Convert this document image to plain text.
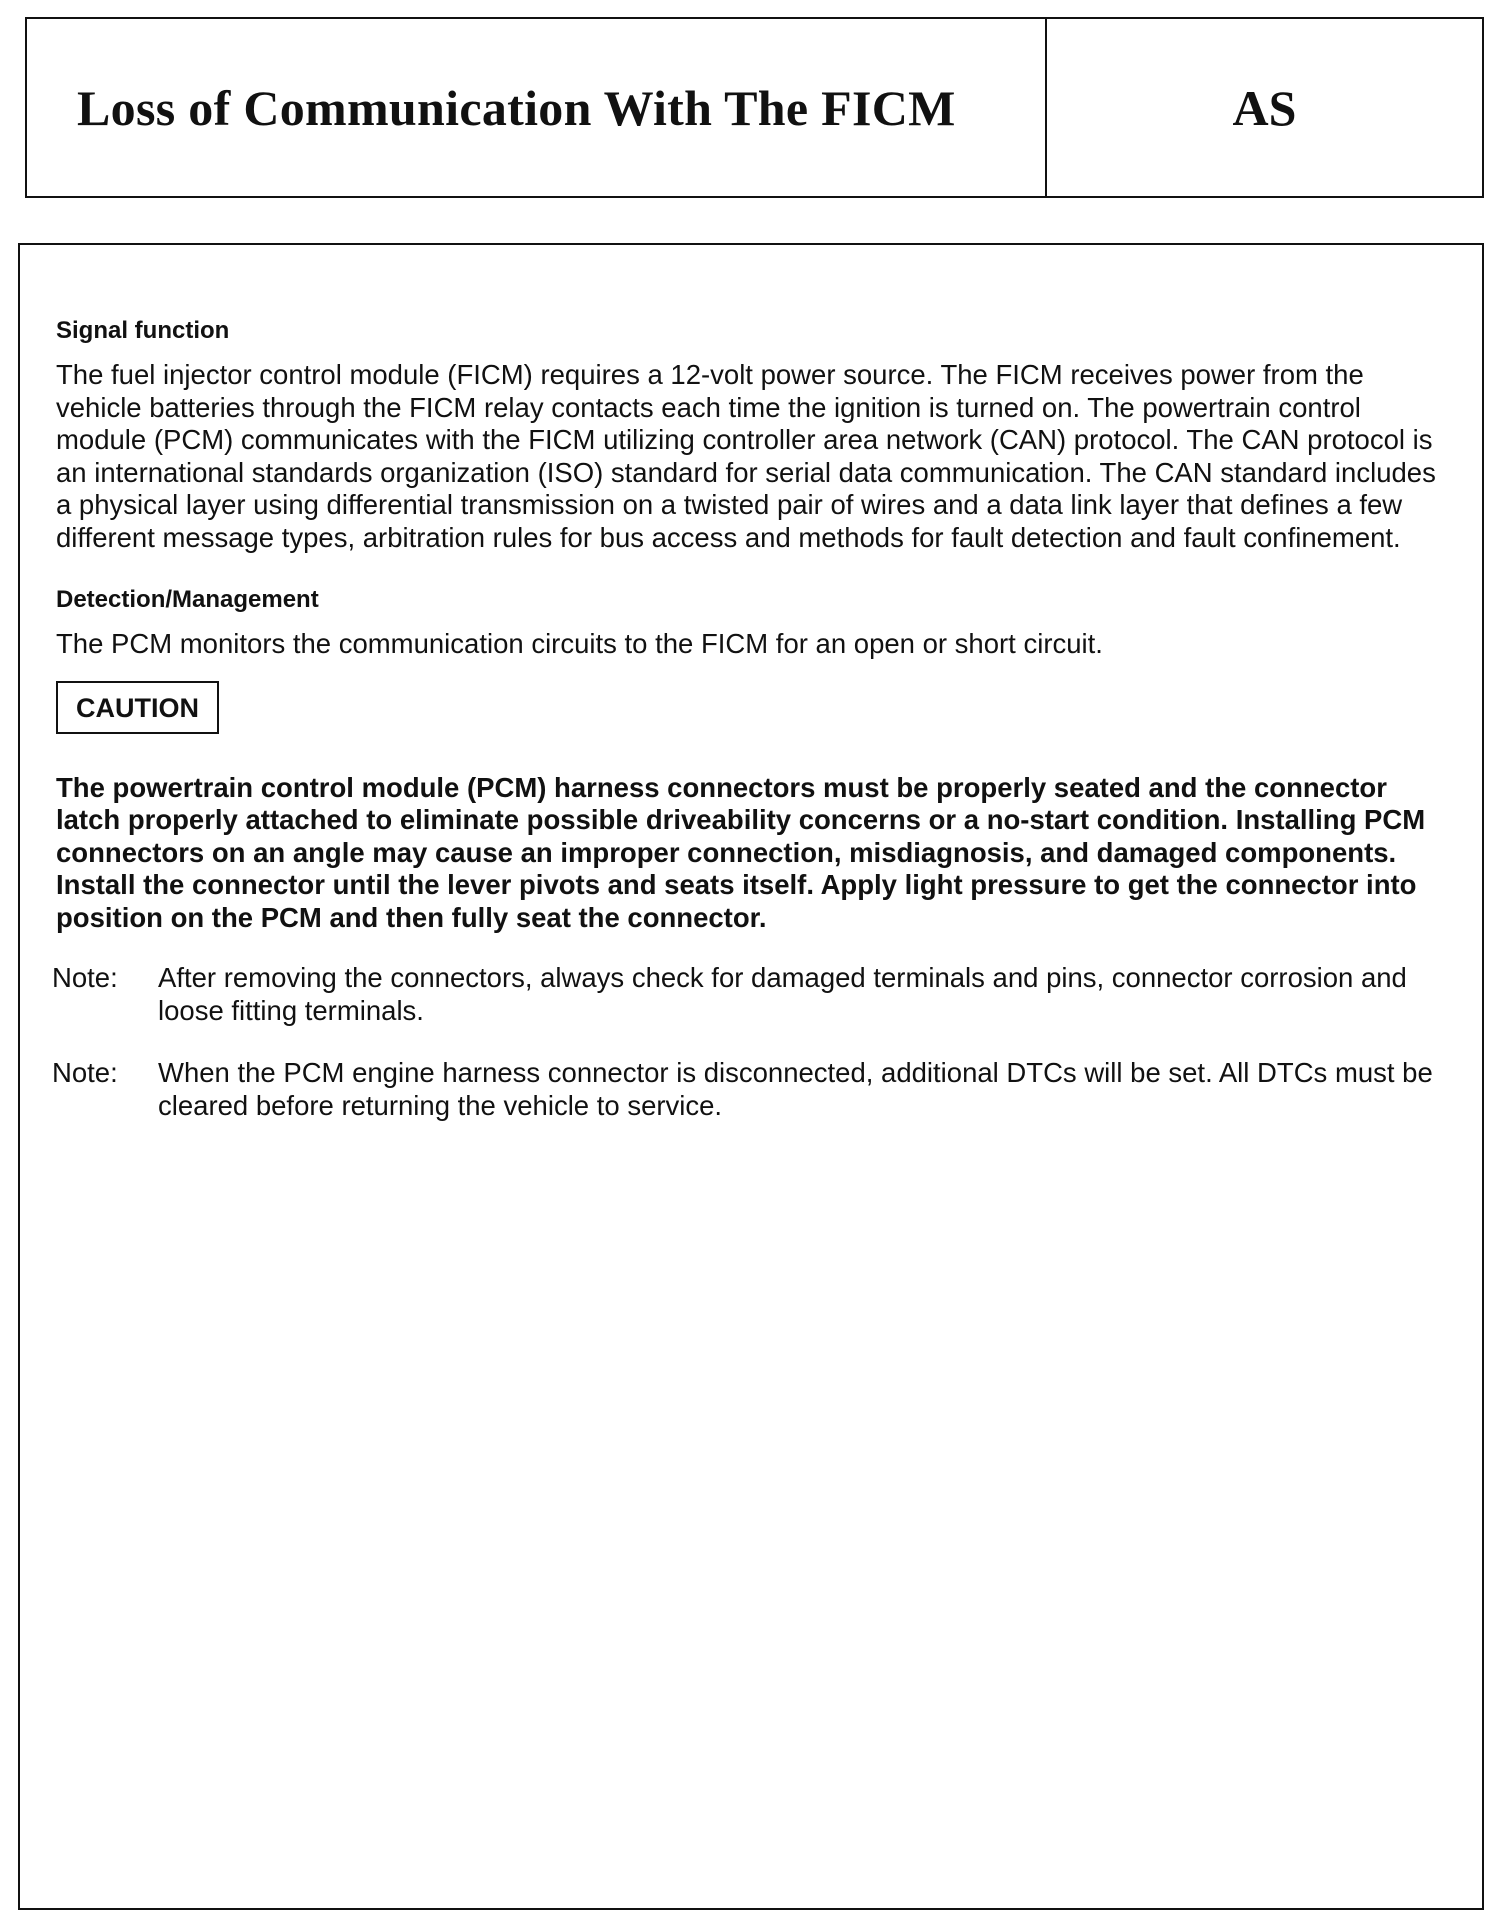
Loss of Communication With The FICM	AS

Signal function

The fuel injector control module (FICM) requires a 12-volt power source. The FICM receives power from the vehicle batteries through the FICM relay contacts each time the ignition is turned on. The powertrain control module (PCM) communicates with the FICM utilizing controller area network (CAN) protocol. The CAN protocol is an international standards organization (ISO) standard for serial data communication. The CAN standard includes a physical layer using differential transmission on a twisted pair of wires and a data link layer that defines a few different message types, arbitration rules for bus access and methods for fault detection and fault confinement.

Detection/Management

The PCM monitors the communication circuits to the FICM for an open or short circuit.

CAUTION

The powertrain control module (PCM) harness connectors must be properly seated and the connector latch properly attached to eliminate possible driveability concerns or a no-start condition. Installing PCM connectors on an angle may cause an improper connection, misdiagnosis, and damaged components. Install the connector until the lever pivots and seats itself. Apply light pressure to get the connector into position on the PCM and then fully seat the connector.

Note:	After removing the connectors, always check for damaged terminals and pins, connector corrosion and loose fitting terminals.
Note:	When the PCM engine harness connector is disconnected, additional DTCs will be set. All DTCs must be cleared before returning the vehicle to service.
